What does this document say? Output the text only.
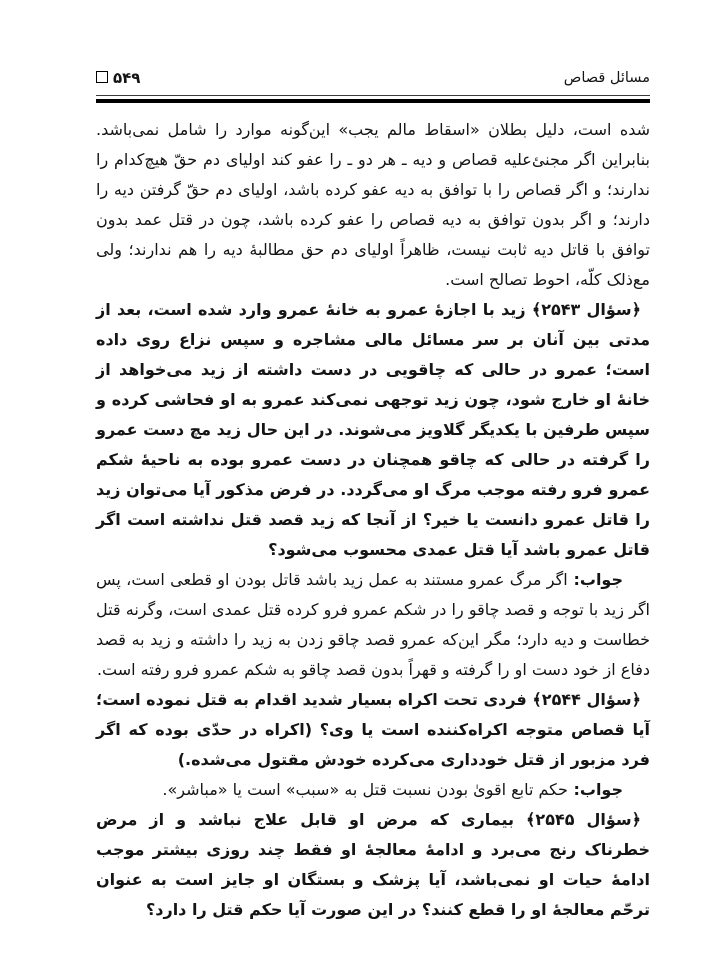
مسائل قصاص
۵۴۹

شده است، دلیل بطلان «اسقاط مالم یجب» این‌گونه موارد را شامل نمی‌باشد. بنابراین اگر مجنئ‌علیه قصاص و دیه ـ هر دو ـ را عفو کند اولیای دم حقّ هیچ‌کدام را ندارند؛ و اگر قصاص را با توافق به دیه عفو کرده باشد، اولیای دم حقّ گرفتن دیه را دارند؛ و اگر بدون توافق به دیه قصاص را عفو کرده باشد، چون در قتل عمد بدون توافق با قاتل دیه ثابت نیست، ظاهراً اولیای دم حق مطالبهٔ دیه را هم ندارند؛ ولی مع‌ذلک کلّه، احوط تصالح است.

﴿سؤال ۲۵۴۳﴾زید با اجازهٔ عمرو به خانهٔ عمرو وارد شده است، بعد از مدتی بین آنان بر سر مسائل مالی مشاجره و سپس نزاع روی داده است؛ عمرو در حالی که چاقویی در دست داشته از زید می‌خواهد از خانهٔ او خارج شود، چون زید توجهی نمی‌کند عمرو به او فحاشی کرده و سپس طرفین با یکدیگر گلاویز می‌شوند. در این حال زید مچ دست عمرو را گرفته در حالی که چاقو همچنان در دست عمرو بوده به ناحیهٔ شکم عمرو فرو رفته موجب مرگ او می‌گردد. در فرض مذکور آیا می‌توان زید را قاتل عمرو دانست یا خیر؟ از آنجا که زید قصد قتل نداشته است اگر قاتل عمرو باشد آیا قتل عمدی محسوب می‌شود؟

جواب:اگر مرگ عمرو مستند به عمل زید باشد قاتل بودن او قطعی است، پس اگر زید با توجه و قصد چاقو را در شکم عمرو فرو کرده قتل عمدی است، وگرنه قتل خطاست و دیه دارد؛ مگر این‌که عمرو قصد چاقو زدن به زید را داشته و زید به قصد دفاع از خود دست او را گرفته و قهراً بدون قصد چاقو به شکم عمرو فرو رفته است.

﴿سؤال ۲۵۴۴﴾فردی تحت اکراه بسیار شدید اقدام به قتل نموده است؛ آیا قصاص متوجه اکراه‌کننده است یا وی؟ (اکراه در حدّی بوده که اگر فرد مزبور از قتل خودداری می‌کرده خودش مقتول می‌شده.)

جواب:حکم تابع اقویٰ بودن نسبت قتل به «سبب» است یا «مباشر».

﴿سؤال ۲۵۴۵﴾بیماری که مرض او قابل علاج نباشد و از مرض خطرناک رنج می‌برد و ادامهٔ معالجهٔ او فقط چند روزی بیشتر موجب ادامهٔ حیات او نمی‌باشد، آیا پزشک و بستگان او جایز است به عنوان ترحّم معالجهٔ او را قطع کنند؟ در این صورت آیا حکم قتل را دارد؟
